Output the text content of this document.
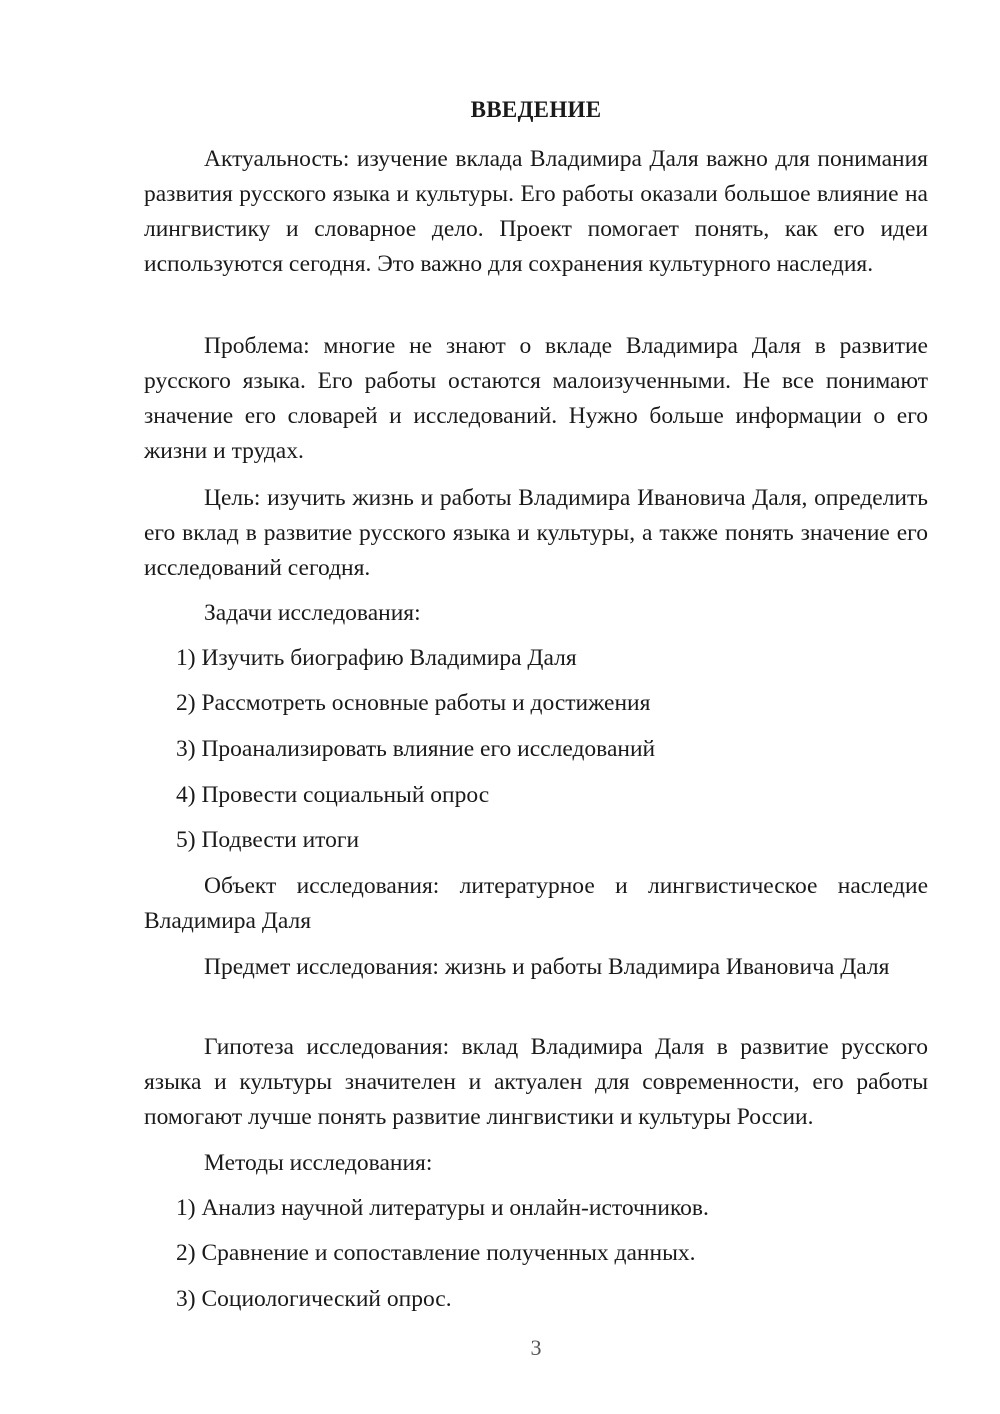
ВВЕДЕНИЕ

Актуальность: изучение вклада Владимира Даля важно для понимания развития русского языка и культуры. Его работы оказали большое влияние на лингвистику и словарное дело. Проект помогает понять, как его идеи используются сегодня. Это важно для сохранения культурного наследия.

Проблема: многие не знают о вкладе Владимира Даля в развитие русского языка. Его работы остаются малоизученными. Не все понимают значение его словарей и исследований. Нужно больше информации о его жизни и трудах.

Цель: изучить жизнь и работы Владимира Ивановича Даля, определить его вклад в развитие русского языка и культуры, а также понять значение его исследований сегодня.

Задачи исследования:
1) Изучить биографию Владимира Даля
2) Рассмотреть основные работы и достижения
3) Проанализировать влияние его исследований
4) Провести социальный опрос
5) Подвести итоги

Объект исследования: литературное и лингвистическое наследие Владимира Даля

Предмет исследования: жизнь и работы Владимира Ивановича Даля

Гипотеза исследования: вклад Владимира Даля в развитие русского языка и культуры значителен и актуален для современности, его работы помогают лучше понять развитие лингвистики и культуры России.

Методы исследования:
1) Анализ научной литературы и онлайн-источников.
2) Сравнение и сопоставление полученных данных.
3) Социологический опрос.
3
